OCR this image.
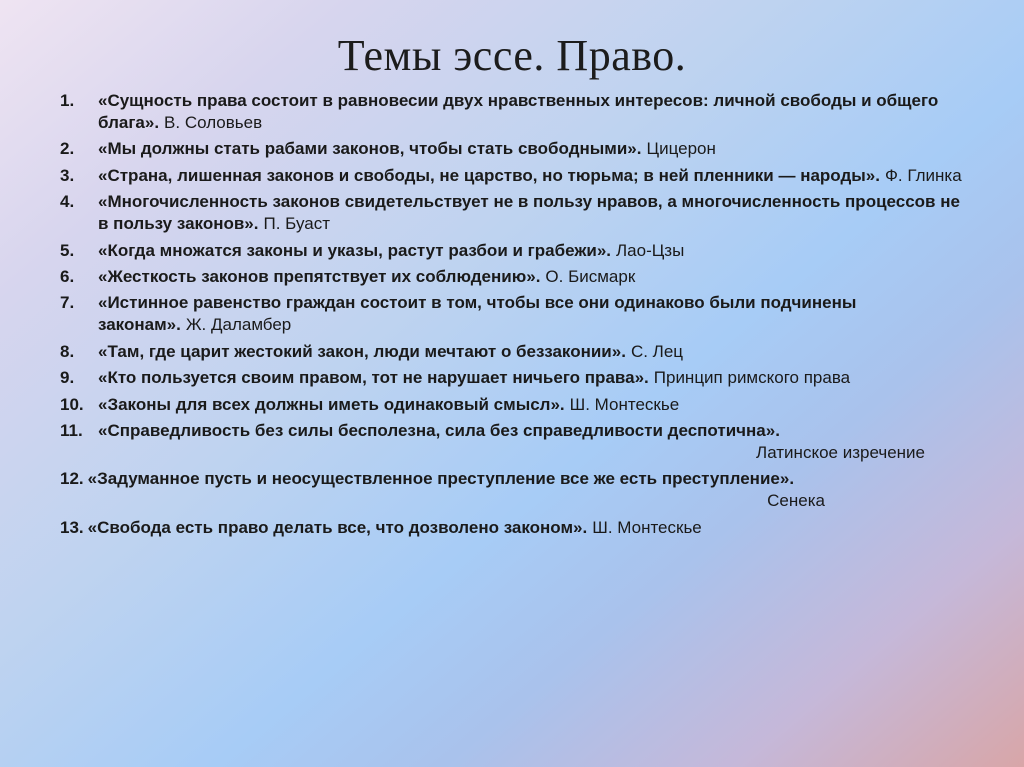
Темы эссе. Право.
1. «Сущность права состоит в равновесии двух нравственных интересов: личной свободы и общего блага». В. Соловьев
2. «Мы должны стать рабами законов, чтобы стать свободными». Цицерон
3. «Страна, лишенная законов и свободы, не царство, но тюрьма; в ней пленники — народы». Ф. Глинка
4. «Многочисленность законов свидетельствует не в пользу нравов, а многочисленность процессов не в пользу законов». П. Буаст
5. «Когда множатся законы и указы, растут разбои и грабежи». Лао-Цзы
6. «Жесткость законов препятствует их соблюдению». О. Бисмарк
7. «Истинное равенство граждан состоит в том, чтобы все они одинаково были подчинены законам». Ж. Даламбер
8. «Там, где царит жестокий закон, люди мечтают о беззаконии». С. Лец
9. «Кто пользуется своим правом, тот не нарушает ничьего права». Принцип римского права
10. «Законы для всех должны иметь одинаковый смысл». Ш. Монтескье
11. «Справедливость без силы бесполезна, сила без справедливости деспотична».
Латинское изречение
12. «Задуманное пусть и неосуществленное преступление все же есть преступление».
Сенека
13. «Свобода есть право делать все, что дозволено законом». Ш. Монтескье
